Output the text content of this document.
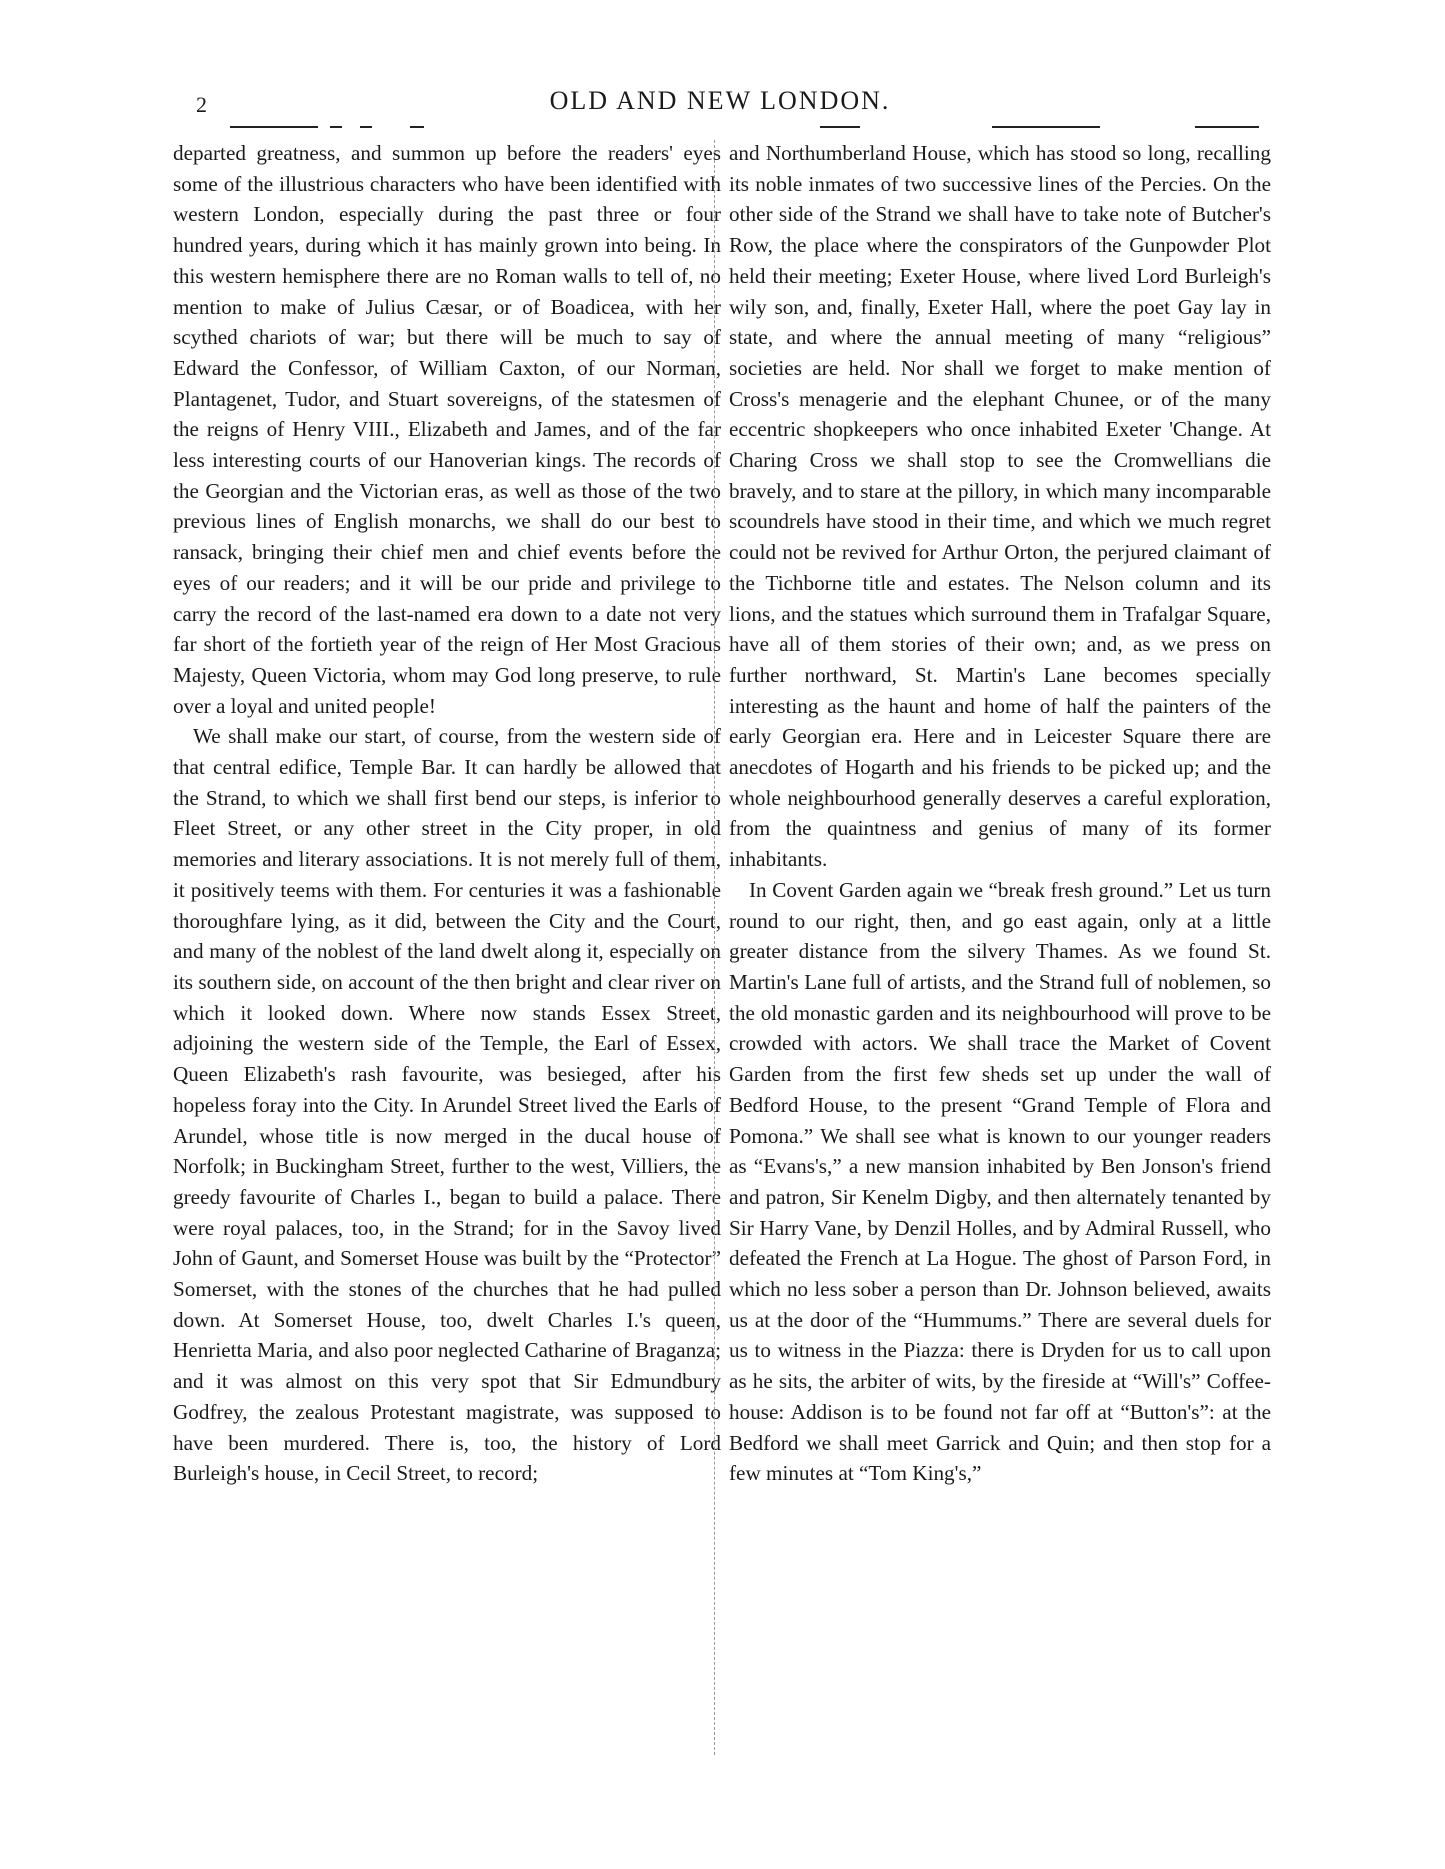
2	OLD AND NEW LONDON.

departed greatness, and summon up before the readers' eyes some of the illustrious characters who have been identified with western London, especially during the past three or four hundred years, during which it has mainly grown into being. In this western hemisphere there are no Roman walls to tell of, no mention to make of Julius Cæsar, or of Boadicea, with her scythed chariots of war; but there will be much to say of Edward the Confessor, of William Caxton, of our Norman, Plantagenet, Tudor, and Stuart sovereigns, of the statesmen of the reigns of Henry VIII., Elizabeth and James, and of the far less interesting courts of our Hanoverian kings. The records of the Georgian and the Victorian eras, as well as those of the two previous lines of English monarchs, we shall do our best to ransack, bringing their chief men and chief events before the eyes of our readers; and it will be our pride and privilege to carry the record of the last-named era down to a date not very far short of the fortieth year of the reign of Her Most Gracious Majesty, Queen Victoria, whom may God long preserve, to rule over a loyal and united people!

We shall make our start, of course, from the western side of that central edifice, Temple Bar. It can hardly be allowed that the Strand, to which we shall first bend our steps, is inferior to Fleet Street, or any other street in the City proper, in old memories and literary associations. It is not merely full of them, it positively teems with them. For centuries it was a fashionable thoroughfare lying, as it did, between the City and the Court, and many of the noblest of the land dwelt along it, especially on its southern side, on account of the then bright and clear river on which it looked down. Where now stands Essex Street, adjoining the western side of the Temple, the Earl of Essex, Queen Elizabeth's rash favourite, was besieged, after his hopeless foray into the City. In Arundel Street lived the Earls of Arundel, whose title is now merged in the ducal house of Norfolk; in Buckingham Street, further to the west, Villiers, the greedy favourite of Charles I., began to build a palace. There were royal palaces, too, in the Strand; for in the Savoy lived John of Gaunt, and Somerset House was built by the “Protector” Somerset, with the stones of the churches that he had pulled down. At Somerset House, too, dwelt Charles I.'s queen, Henrietta Maria, and also poor neglected Catharine of Braganza; and it was almost on this very spot that Sir Edmundbury Godfrey, the zealous Protestant magistrate, was supposed to have been murdered. There is, too, the history of Lord Burleigh's house, in Cecil Street, to record;

and Northumberland House, which has stood so long, recalling its noble inmates of two successive lines of the Percies. On the other side of the Strand we shall have to take note of Butcher's Row, the place where the conspirators of the Gunpowder Plot held their meeting; Exeter House, where lived Lord Burleigh's wily son, and, finally, Exeter Hall, where the poet Gay lay in state, and where the annual meeting of many “religious” societies are held. Nor shall we forget to make mention of Cross's menagerie and the elephant Chunee, or of the many eccentric shopkeepers who once inhabited Exeter 'Change. At Charing Cross we shall stop to see the Cromwellians die bravely, and to stare at the pillory, in which many incomparable scoundrels have stood in their time, and which we much regret could not be revived for Arthur Orton, the perjured claimant of the Tichborne title and estates. The Nelson column and its lions, and the statues which surround them in Trafalgar Square, have all of them stories of their own; and, as we press on further northward, St. Martin's Lane becomes specially interesting as the haunt and home of half the painters of the early Georgian era. Here and in Leicester Square there are anecdotes of Hogarth and his friends to be picked up; and the whole neighbourhood generally deserves a careful exploration, from the quaintness and genius of many of its former inhabitants.

In Covent Garden again we “break fresh ground.” Let us turn round to our right, then, and go east again, only at a little greater distance from the silvery Thames. As we found St. Martin's Lane full of artists, and the Strand full of noblemen, so the old monastic garden and its neighbourhood will prove to be crowded with actors. We shall trace the Market of Covent Garden from the first few sheds set up under the wall of Bedford House, to the present “Grand Temple of Flora and Pomona.” We shall see what is known to our younger readers as “Evans's,” a new mansion inhabited by Ben Jonson's friend and patron, Sir Kenelm Digby, and then alternately tenanted by Sir Harry Vane, by Denzil Holles, and by Admiral Russell, who defeated the French at La Hogue. The ghost of Parson Ford, in which no less sober a person than Dr. Johnson believed, awaits us at the door of the “Hummums.” There are several duels for us to witness in the Piazza: there is Dryden for us to call upon as he sits, the arbiter of wits, by the fireside at “Will's” Coffee-house: Addison is to be found not far off at “Button's”: at the Bedford we shall meet Garrick and Quin; and then stop for a few minutes at “Tom King's,”
